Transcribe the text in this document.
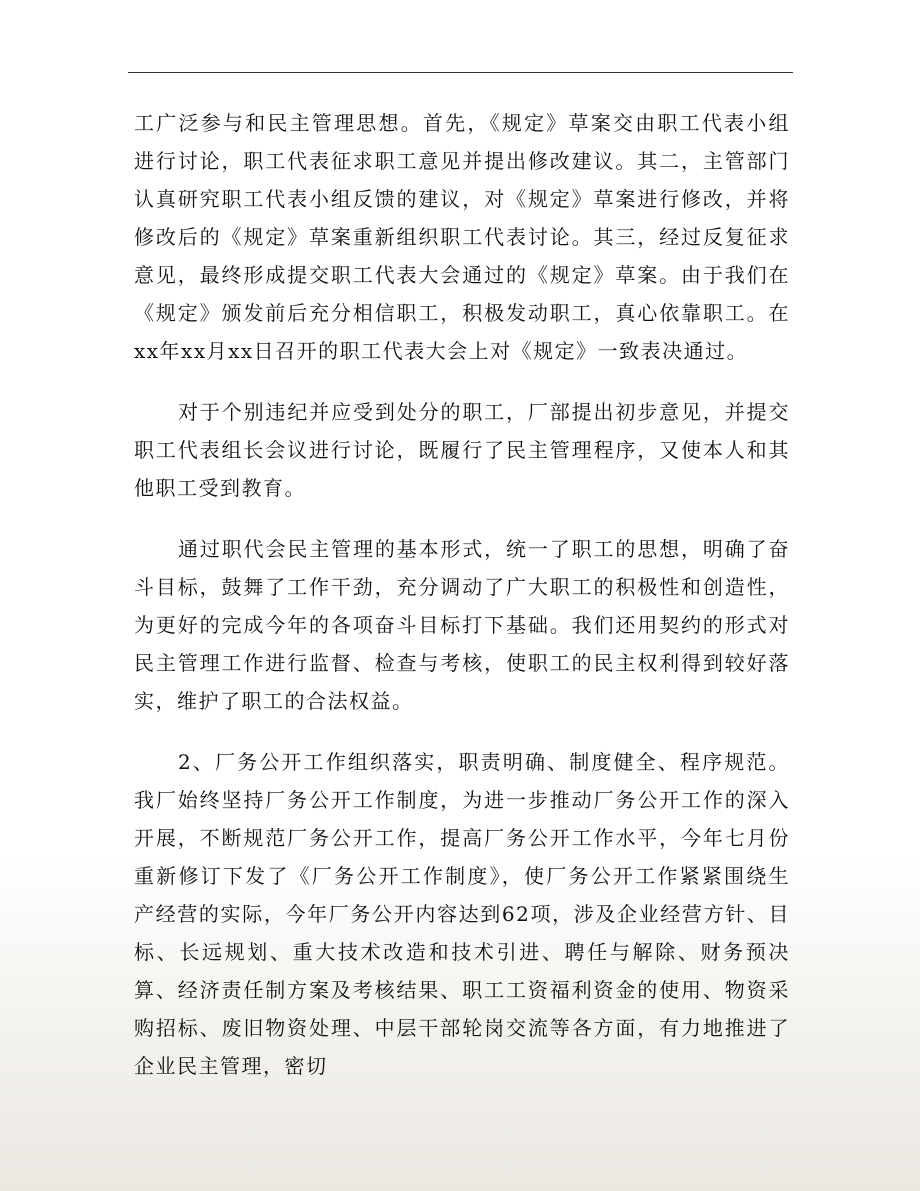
工广泛参与和民主管理思想。首先，《规定》草案交由职工代表小组进行讨论，职工代表征求职工意见并提出修改建议。其二，主管部门认真研究职工代表小组反馈的建议，对《规定》草案进行修改，并将修改后的《规定》草案重新组织职工代表讨论。其三，经过反复征求意见，最终形成提交职工代表大会通过的《规定》草案。由于我们在《规定》颁发前后充分相信职工，积极发动职工，真心依靠职工。在xx年xx月xx日召开的职工代表大会上对《规定》一致表决通过。

对于个别违纪并应受到处分的职工，厂部提出初步意见，并提交职工代表组长会议进行讨论，既履行了民主管理程序，又使本人和其他职工受到教育。

通过职代会民主管理的基本形式，统一了职工的思想，明确了奋斗目标，鼓舞了工作干劲，充分调动了广大职工的积极性和创造性，为更好的完成今年的各项奋斗目标打下基础。我们还用契约的形式对民主管理工作进行监督、检查与考核，使职工的民主权利得到较好落实，维护了职工的合法权益。

2、厂务公开工作组织落实，职责明确、制度健全、程序规范。我厂始终坚持厂务公开工作制度，为进一步推动厂务公开工作的深入开展，不断规范厂务公开工作，提高厂务公开工作水平，今年七月份重新修订下发了《厂务公开工作制度》，使厂务公开工作紧紧围绕生产经营的实际，今年厂务公开内容达到62项，涉及企业经营方针、目标、长远规划、重大技术改造和技术引进、聘任与解除、财务预决算、经济责任制方案及考核结果、职工工资福利资金的使用、物资采购招标、废旧物资处理、中层干部轮岗交流等各方面，有力地推进了企业民主管理，密切
